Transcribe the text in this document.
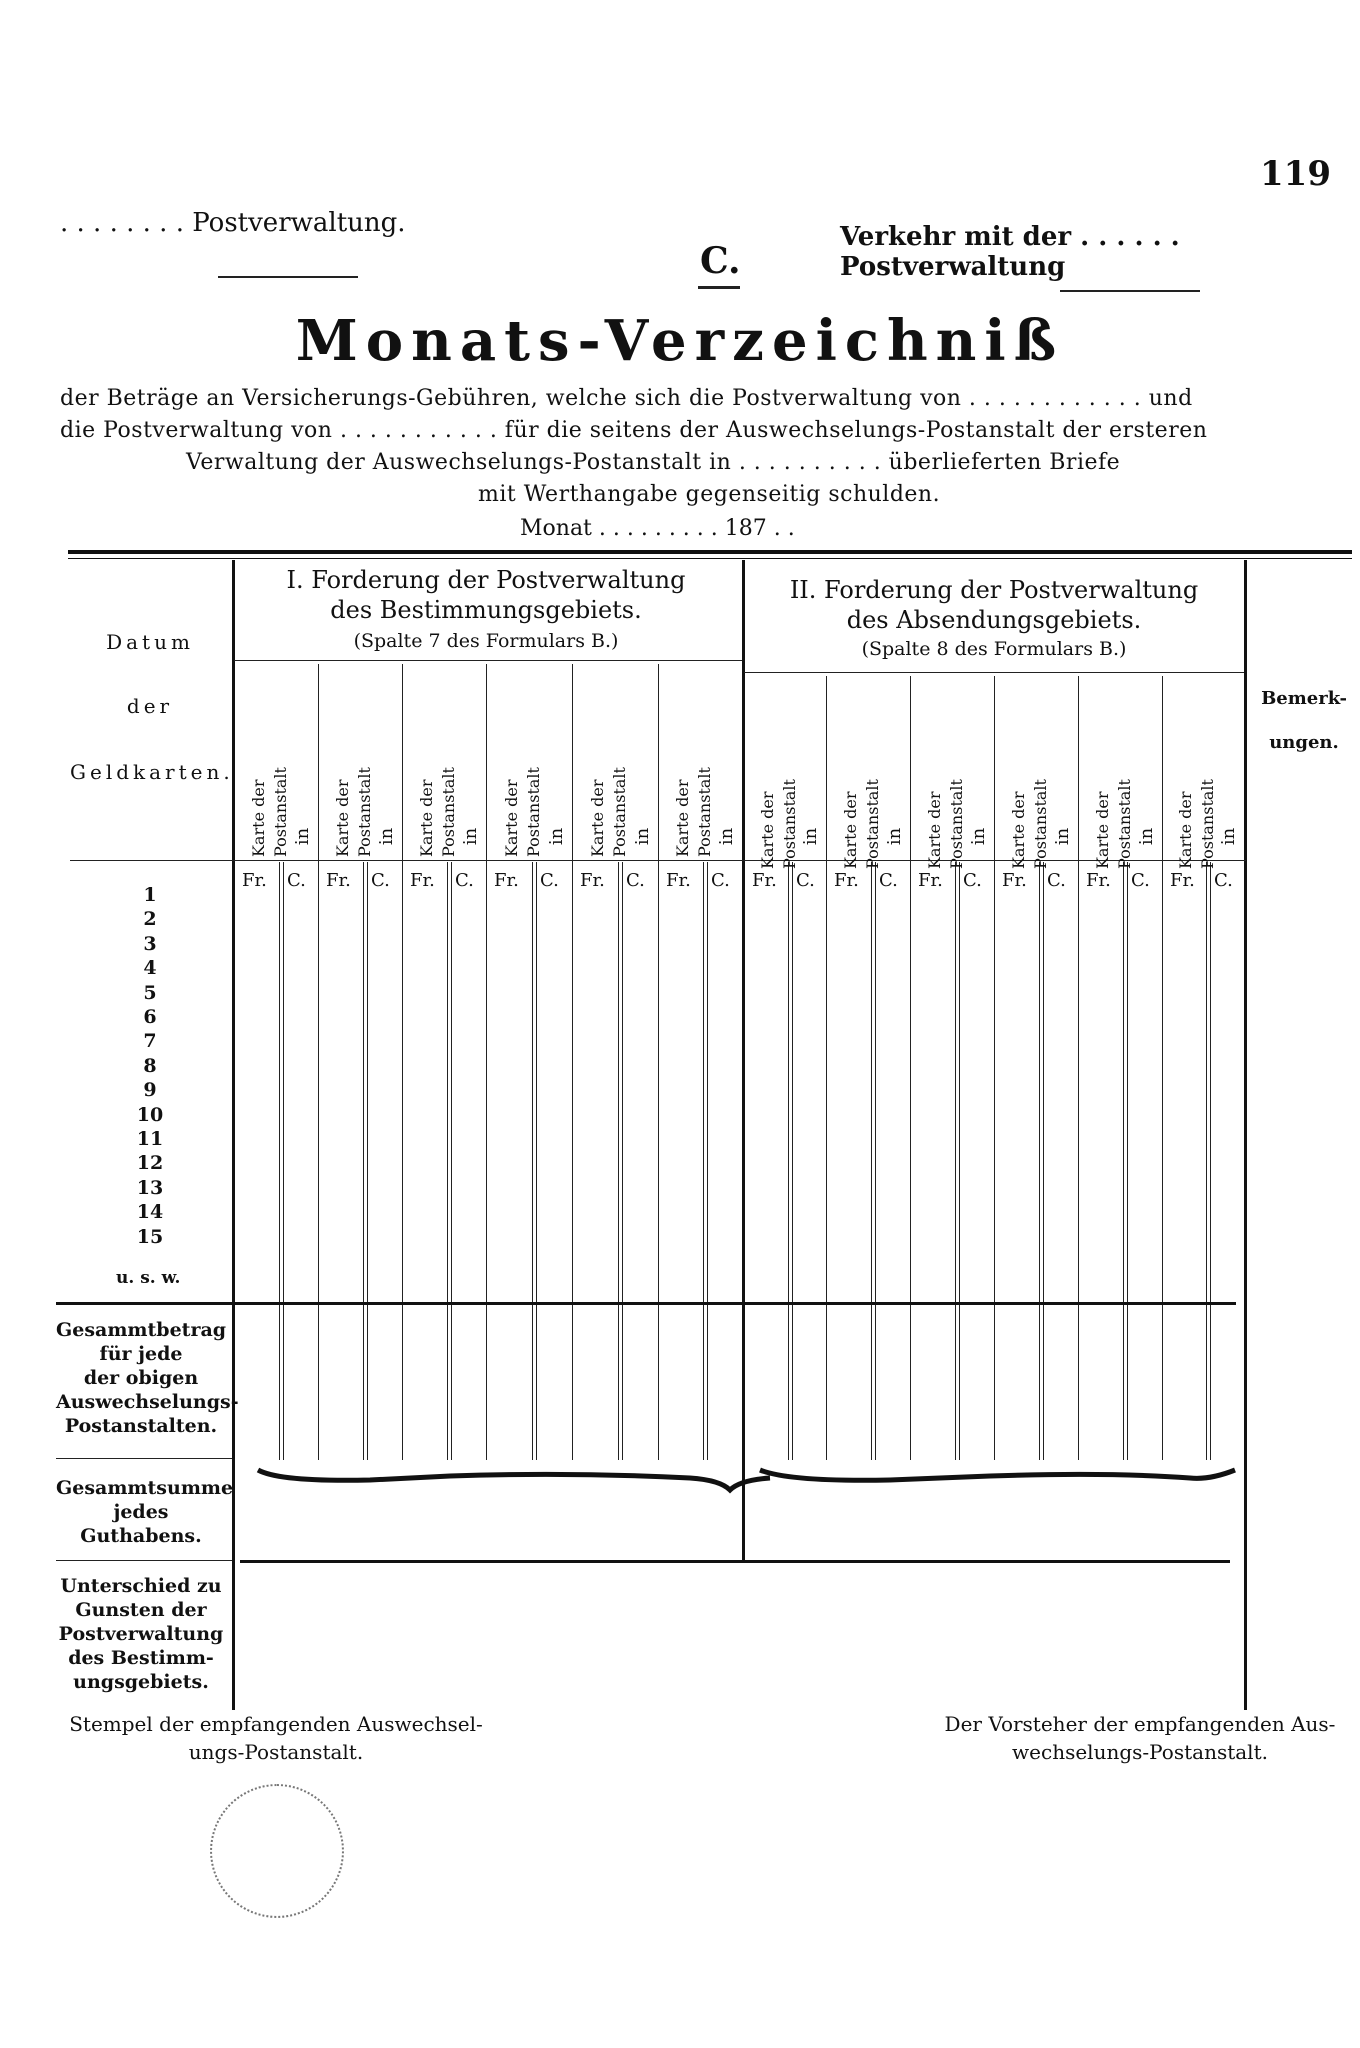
119
. . . . . . . . Postverwaltung.	Verkehr mit der . . . . . . Postverwaltung
C.
Monats-Verzeichniß
der Beträge an Versicherungs-Gebühren, welche sich die Postverwaltung von . . . . . . . . . . . . und
die Postverwaltung von . . . . . . . . . . . für die seitens der Auswechselungs-Postanstalt der ersteren
Verwaltung der Auswechselungs-Postanstalt in . . . . . . . . . . überlieferten Briefe
mit Werthangabe gegenseitig schulden.
Monat . . . . . . . . . 187 . .
Datum
der
Geldkarten.
I. Forderung der Postverwaltung
des Bestimmungsgebiets.
(Spalte 7 des Formulars B.)
II. Forderung der Postverwaltung
des Absendungsgebiets.
(Spalte 8 des Formulars B.)
Bemerk-
ungen.
1
2
3
4
5
6
7
8
9
10
11
12
13
14
15
u. s. w.
Gesammtbetrag
für jede
der obigen
Auswechselungs-
Postanstalten.
Gesammtsumme
jedes
Guthabens.
Unterschied zu
Gunsten der
Postverwaltung
des Bestimm-
ungsgebiets.
Fr. C.
Karte der Postanstalt in
Fr. C.
Karte der Postanstalt in
Fr. C.
Karte der Postanstalt in
Fr. C.
Karte der Postanstalt in
Fr. C.
Karte der Postanstalt in
Fr. C.
Karte der Postanstalt in
Fr. C.
Karte der Postanstalt in
Fr. C.
Karte der Postanstalt in
Fr. C.
Karte der Postanstalt in
Fr. C.
Karte der Postanstalt in
Fr. C.
Karte der Postanstalt in
Fr. C.
Karte der Postanstalt in
Stempel der empfangenden Auswechsel-
ungs-Postanstalt.
Der Vorsteher der empfangenden Aus-
wechselungs-Postanstalt.
